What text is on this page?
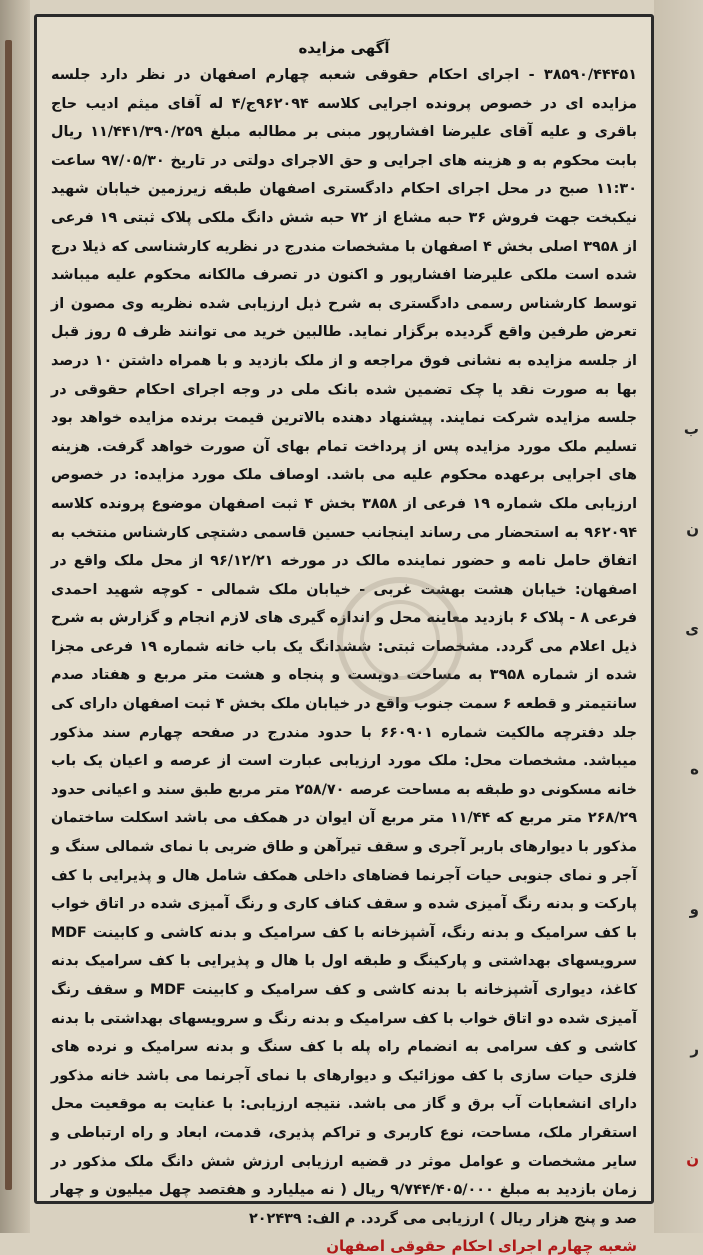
آگهی مزایده

۳۸۵۹۰/۴۴۴۵۱ - اجرای احکام حقوقی شعبه چهارم اصفهان در نظر دارد جلسه مزایده ای در خصوص پرونده اجرایی کلاسه ۹۶۲۰۹۴ج/۴ له آقای میثم ادیب حاج باقری و علیه آقای علیرضا افشارپور مبنی بر مطالبه مبلغ ۱۱/۴۴۱/۳۹۰/۲۵۹ ریال بابت محکوم به و هزینه های اجرایی و حق الاجرای دولتی در تاریخ ۹۷/۰۵/۳۰ ساعت ۱۱:۳۰ صبح در محل اجرای احکام دادگستری اصفهان طبقه زیرزمین خیابان شهید نیکبخت جهت فروش ۳۶ حبه مشاع از ۷۲ حبه شش دانگ ملکی پلاک ثبتی ۱۹ فرعی از ۳۹۵۸ اصلی بخش ۴ اصفهان با مشخصات مندرج در نظریه کارشناسی که ذیلا درج شده است ملکی علیرضا افشارپور و اکنون در تصرف مالکانه محکوم علیه میباشد توسط کارشناس رسمی دادگستری به شرح ذیل ارزیابی شده نظریه وی مصون از تعرض طرفین واقع گردیده برگزار نماید. طالبین خرید می توانند ظرف ۵ روز قبل از جلسه مزایده به نشانی فوق مراجعه و از ملک بازدید و با همراه داشتن ۱۰ درصد بها به صورت نقد یا چک تضمین شده بانک ملی در وجه اجرای احکام حقوقی در جلسه مزایده شرکت نمایند. پیشنهاد دهنده بالاترین قیمت برنده مزایده خواهد بود تسلیم ملک مورد مزایده پس از پرداخت تمام بهای آن صورت خواهد گرفت. هزینه های اجرایی برعهده محکوم علیه می باشد. اوصاف ملک مورد مزایده: در خصوص ارزیابی ملک شماره ۱۹ فرعی از ۳۸۵۸ بخش ۴ ثبت اصفهان موضوع پرونده کلاسه ۹۶۲۰۹۴ به استحضار می رساند اینجانب حسین قاسمی دشتچی کارشناس منتخب به اتفاق حامل نامه و حضور نماینده مالک در مورخه ۹۶/۱۲/۲۱ از محل ملک واقع در اصفهان: خیابان هشت بهشت غربی - خیابان ملک شمالی - کوچه شهید احمدی فرعی ۸ - پلاک ۶ بازدید معاینه محل و اندازه گیری های لازم انجام و گزارش به شرح ذیل اعلام می گردد. مشخصات ثبتی: ششدانگ یک باب خانه شماره ۱۹ فرعی مجزا شده از شماره ۳۹۵۸ به مساحت دویست و پنجاه و هشت متر مربع و هفتاد صدم سانتیمتر و قطعه ۶ سمت جنوب واقع در خیابان ملک بخش ۴ ثبت اصفهان دارای کی جلد دفترچه مالکیت شماره ۶۶۰۹۰۱ با حدود مندرج در صفحه چهارم سند مذکور میباشد. مشخصات محل: ملک مورد ارزیابی عبارت است از عرصه و اعیان یک باب خانه مسکونی دو طبقه به مساحت عرصه ۲۵۸/۷۰ متر مربع طبق سند و اعیانی حدود ۲۶۸/۲۹ متر مربع که ۱۱/۴۴ متر مربع آن ایوان در همکف می باشد اسکلت ساختمان مذکور با دیوارهای باربر آجری و سقف تیرآهن و طاق ضربی با نمای شمالی سنگ و آجر و نمای جنوبی حیات آجرنما فضاهای داخلی همکف شامل هال و پذیرایی با کف پارکت و بدنه رنگ آمیزی شده و سقف کناف کاری و رنگ آمیزی شده در اتاق خواب با کف سرامیک و بدنه رنگ، آشپزخانه با کف سرامیک و بدنه کاشی و کابینت MDF سرویسهای بهداشتی و پارکینگ و طبقه اول با هال و پذیرایی با کف سرامیک بدنه کاغذ، دیواری آشپزخانه با بدنه کاشی و کف سرامیک و کابینت MDF و سقف رنگ آمیزی شده دو اتاق خواب با کف سرامیک و بدنه رنگ و سرویسهای بهداشتی با بدنه کاشی و کف سرامی به انضمام راه پله با کف سنگ و بدنه سرامیک و نرده های فلزی حیات سازی با کف موزائیک و دیوارهای با نمای آجرنما می باشد خانه مذکور دارای انشعابات آب برق و گاز می باشد. نتیجه ارزیابی: با عنایت به موقعیت محل استقرار ملک، مساحت، نوع کاربری و تراکم پذیری، قدمت، ابعاد و راه ارتباطی و سایر مشخصات و عوامل موثر در قضیه ارزیابی ارزش شش دانگ ملک مذکور در زمان بازدید به مبلغ ۹/۷۴۴/۴۰۵/۰۰۰ ریال ( نه میلیارد و هفتصد چهل میلیون و چهار صد و پنج هزار ریال ) ارزیابی می گردد. م الف: ۲۰۲۴۳۹

شعبه چهارم اجرای احکام حقوقی اصفهان
ب
ن
ی
ه
و
ر
ن
